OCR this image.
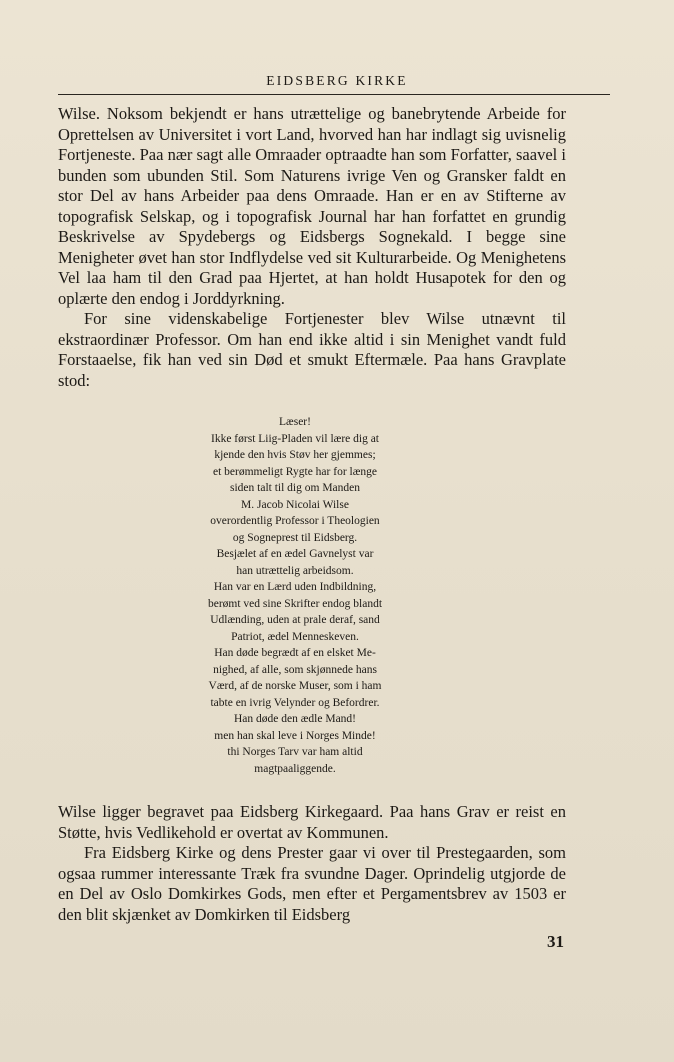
EIDSBERG KIRKE

Wilse. Noksom bekjendt er hans utrættelige og banebrytende Arbeide for Oprettelsen av Universitet i vort Land, hvorved han har indlagt sig uvisnelig Fortjeneste. Paa nær sagt alle Omraader optraadte han som Forfatter, saavel i bunden som ubunden Stil. Som Naturens ivrige Ven og Gransker faldt en stor Del av hans Arbeider paa dens Omraade. Han er en av Stifterne av topografisk Selskap, og i topografisk Journal har han forfattet en grundig Beskrivelse av Spydebergs og Eidsbergs Sognekald. I begge sine Menigheter øvet han stor Indflydelse ved sit Kulturarbeide. Og Menighetens Vel laa ham til den Grad paa Hjertet, at han holdt Husapotek for den og oplærte den endog i Jorddyrkning.

For sine videnskabelige Fortjenester blev Wilse utnævnt til ekstraordinær Professor. Om han end ikke altid i sin Menighet vandt fuld Forstaaelse, fik han ved sin Død et smukt Eftermæle. Paa hans Gravplate stod:

Læser!
Ikke først Liig-Pladen vil lære dig at
kjende den hvis Støv her gjemmes;
et berømmeligt Rygte har for længe
siden talt til dig om Manden
M. Jacob Nicolai Wilse
overordentlig Professor i Theologien
og Sogneprest til Eidsberg.
Besjælet af en ædel Gavnelyst var
han utrættelig arbeidsom.
Han var en Lærd uden Indbildning,
berømt ved sine Skrifter endog blandt
Udlænding, uden at prale deraf, sand
Patriot, ædel Menneskeven.
Han døde begrædt af en elsket Me-
nighed, af alle, som skjønnede hans
Værd, af de norske Muser, som i ham
tabte en ivrig Velynder og Befordrer.
Han døde den ædle Mand!
men han skal leve i Norges Minde!
thi Norges Tarv var ham altid
magtpaaliggende.

Wilse ligger begravet paa Eidsberg Kirkegaard. Paa hans Grav er reist en Støtte, hvis Vedlikehold er overtat av Kommunen.

Fra Eidsberg Kirke og dens Prester gaar vi over til Prestegaarden, som ogsaa rummer interessante Træk fra svundne Dager. Oprindelig utgjorde de en Del av Oslo Domkirkes Gods, men efter et Pergamentsbrev av 1503 er den blit skjænket av Domkirken til Eidsberg

31
